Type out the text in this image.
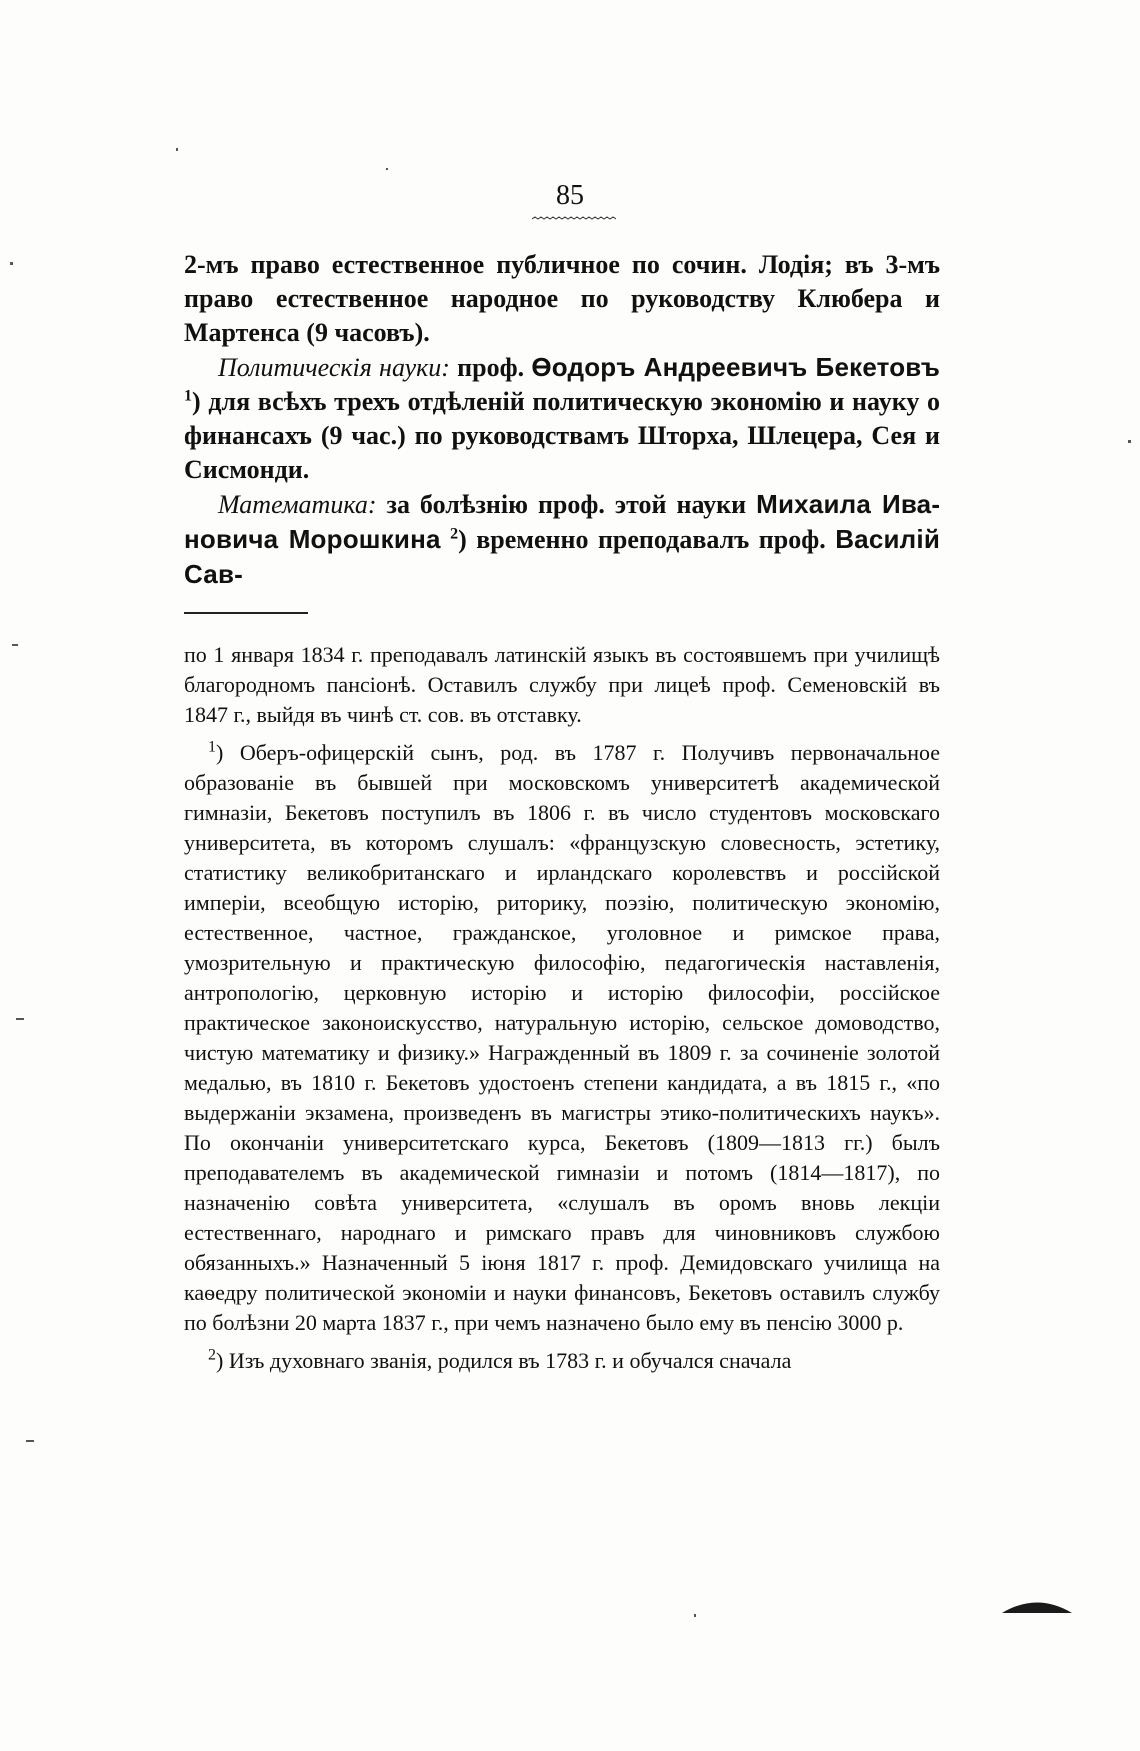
85

2-мъ право естественное публичное по сочин. Лодія; въ 3-мъ право естественное народное по руководству Клюбера и Мартенса (9 часовъ).

Политическія науки: проф. Өодоръ Андреевичъ Бекетовъ $^1$) для всѣхъ трехъ отдѣленій политическую экономію и науку о финансахъ (9 час.) по руководствамъ Шторха, Шлецера, Сея и Сисмонди.

Математика: за болѣзнію проф. этой науки Михаила Ивановича Морошкина $^2$) временно преподавалъ проф. Василій Сав-

по 1 января 1834 г. преподавалъ латинскій языкъ въ состоявшемъ при училищѣ благородномъ пансіонѣ. Оставилъ службу при лицеѣ проф. Семеновскій въ 1847 г., выйдя въ чинѣ ст. сов. въ отставку.

$^1$) Оберъ-офицерскій сынъ, род. въ 1787 г. Получивъ первоначальное образованіе въ бывшей при московскомъ университетѣ академической гимназіи, Бекетовъ поступилъ въ 1806 г. въ число студентовъ московскаго университета, въ которомъ слушалъ: «французскую словесность, эстетику, статистику великобританскаго и ирландскаго королевствъ и россійской имперіи, всеобщую исторію, риторику, поэзію, политическую экономію, естественное, частное, гражданское, уголовное и римское права, умозрительную и практическую философію, педагогическія наставленія, антропологію, церковную исторію и исторію философіи, россійское практическое законоискусство, натуральную исторію, сельское домоводство, чистую математику и физику.» Награжденный въ 1809 г. за сочиненіе золотой медалью, въ 1810 г. Бекетовъ удостоенъ степени кандидата, а въ 1815 г., «по выдержаніи экзамена, произведенъ въ магистры этико-политическихъ наукъ». По окончаніи университетскаго курса, Бекетовъ (1809—1813 гг.) былъ преподавателемъ въ академической гимназіи и потомъ (1814—1817), по назначенію совѣта университета, «слушалъ въ оромъ вновь лекціи естественнаго, народнаго и римскаго правъ для чиновниковъ службою обязанныхъ.» Назначенный 5 іюня 1817 г. проф. Демидовскаго училища на каѳедру политической экономіи и науки финансовъ, Бекетовъ оставилъ службу по болѣзни 20 марта 1837 г., при чемъ назначено было ему въ пенсію 3000 р.

$^2$) Изъ духовнаго званія, родился въ 1783 г. и обучался сначала
